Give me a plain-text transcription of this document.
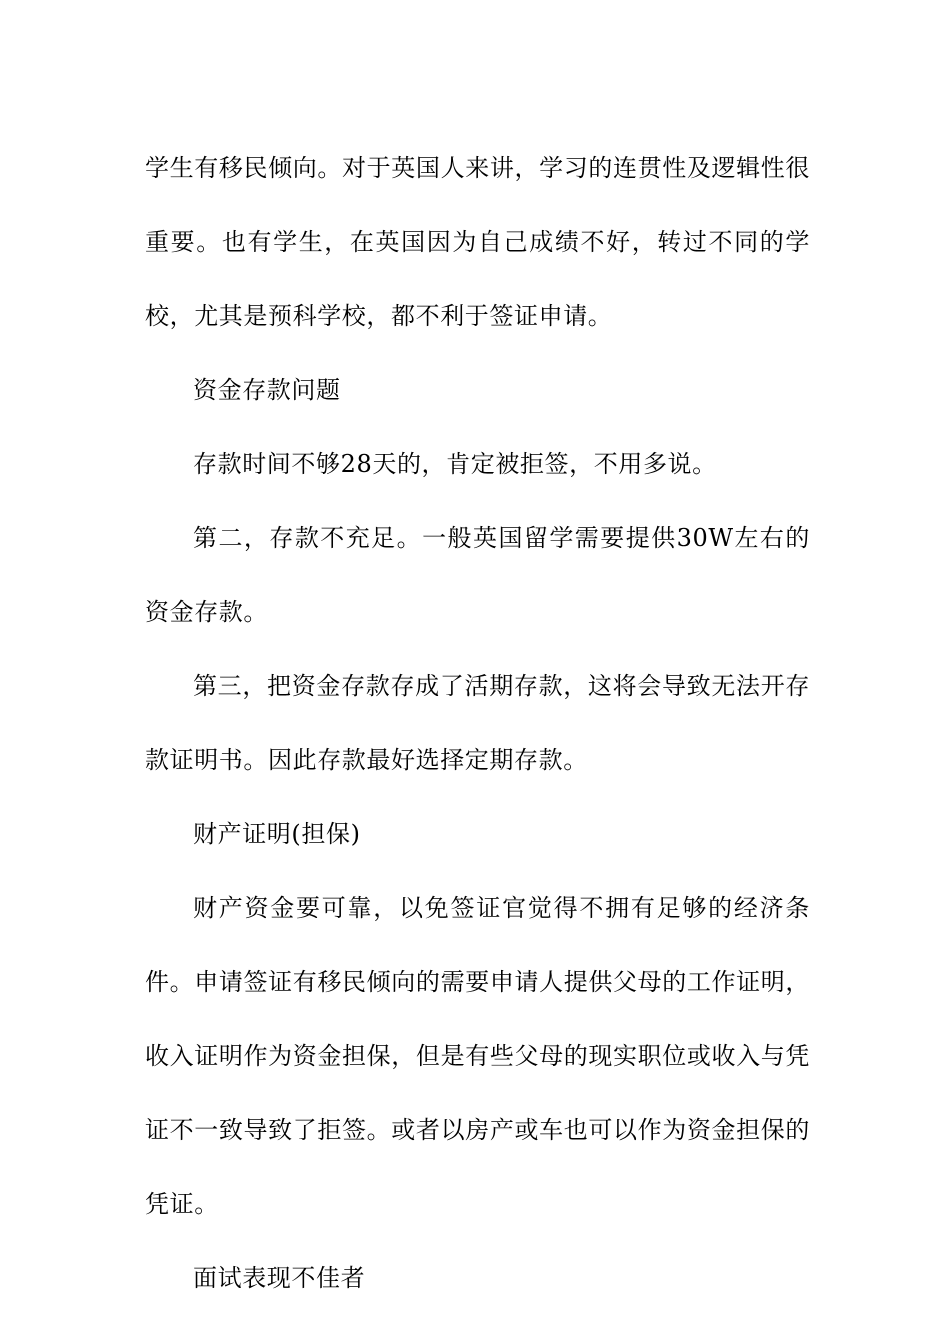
学生有移民倾向。对于英国人来讲，学习的连贯性及逻辑性很重要。也有学生，在英国因为自己成绩不好，转过不同的学校，尤其是预科学校，都不利于签证申请。

资金存款问题

存款时间不够28天的，肯定被拒签，不用多说。

第二，存款不充足。一般英国留学需要提供30W左右的资金存款。

第三，把资金存款存成了活期存款，这将会导致无法开存款证明书。因此存款最好选择定期存款。

财产证明(担保)

财产资金要可靠，以免签证官觉得不拥有足够的经济条件。申请签证有移民倾向的需要申请人提供父母的工作证明，收入证明作为资金担保，但是有些父母的现实职位或收入与凭证不一致导致了拒签。或者以房产或车也可以作为资金担保的凭证。

面试表现不佳者
